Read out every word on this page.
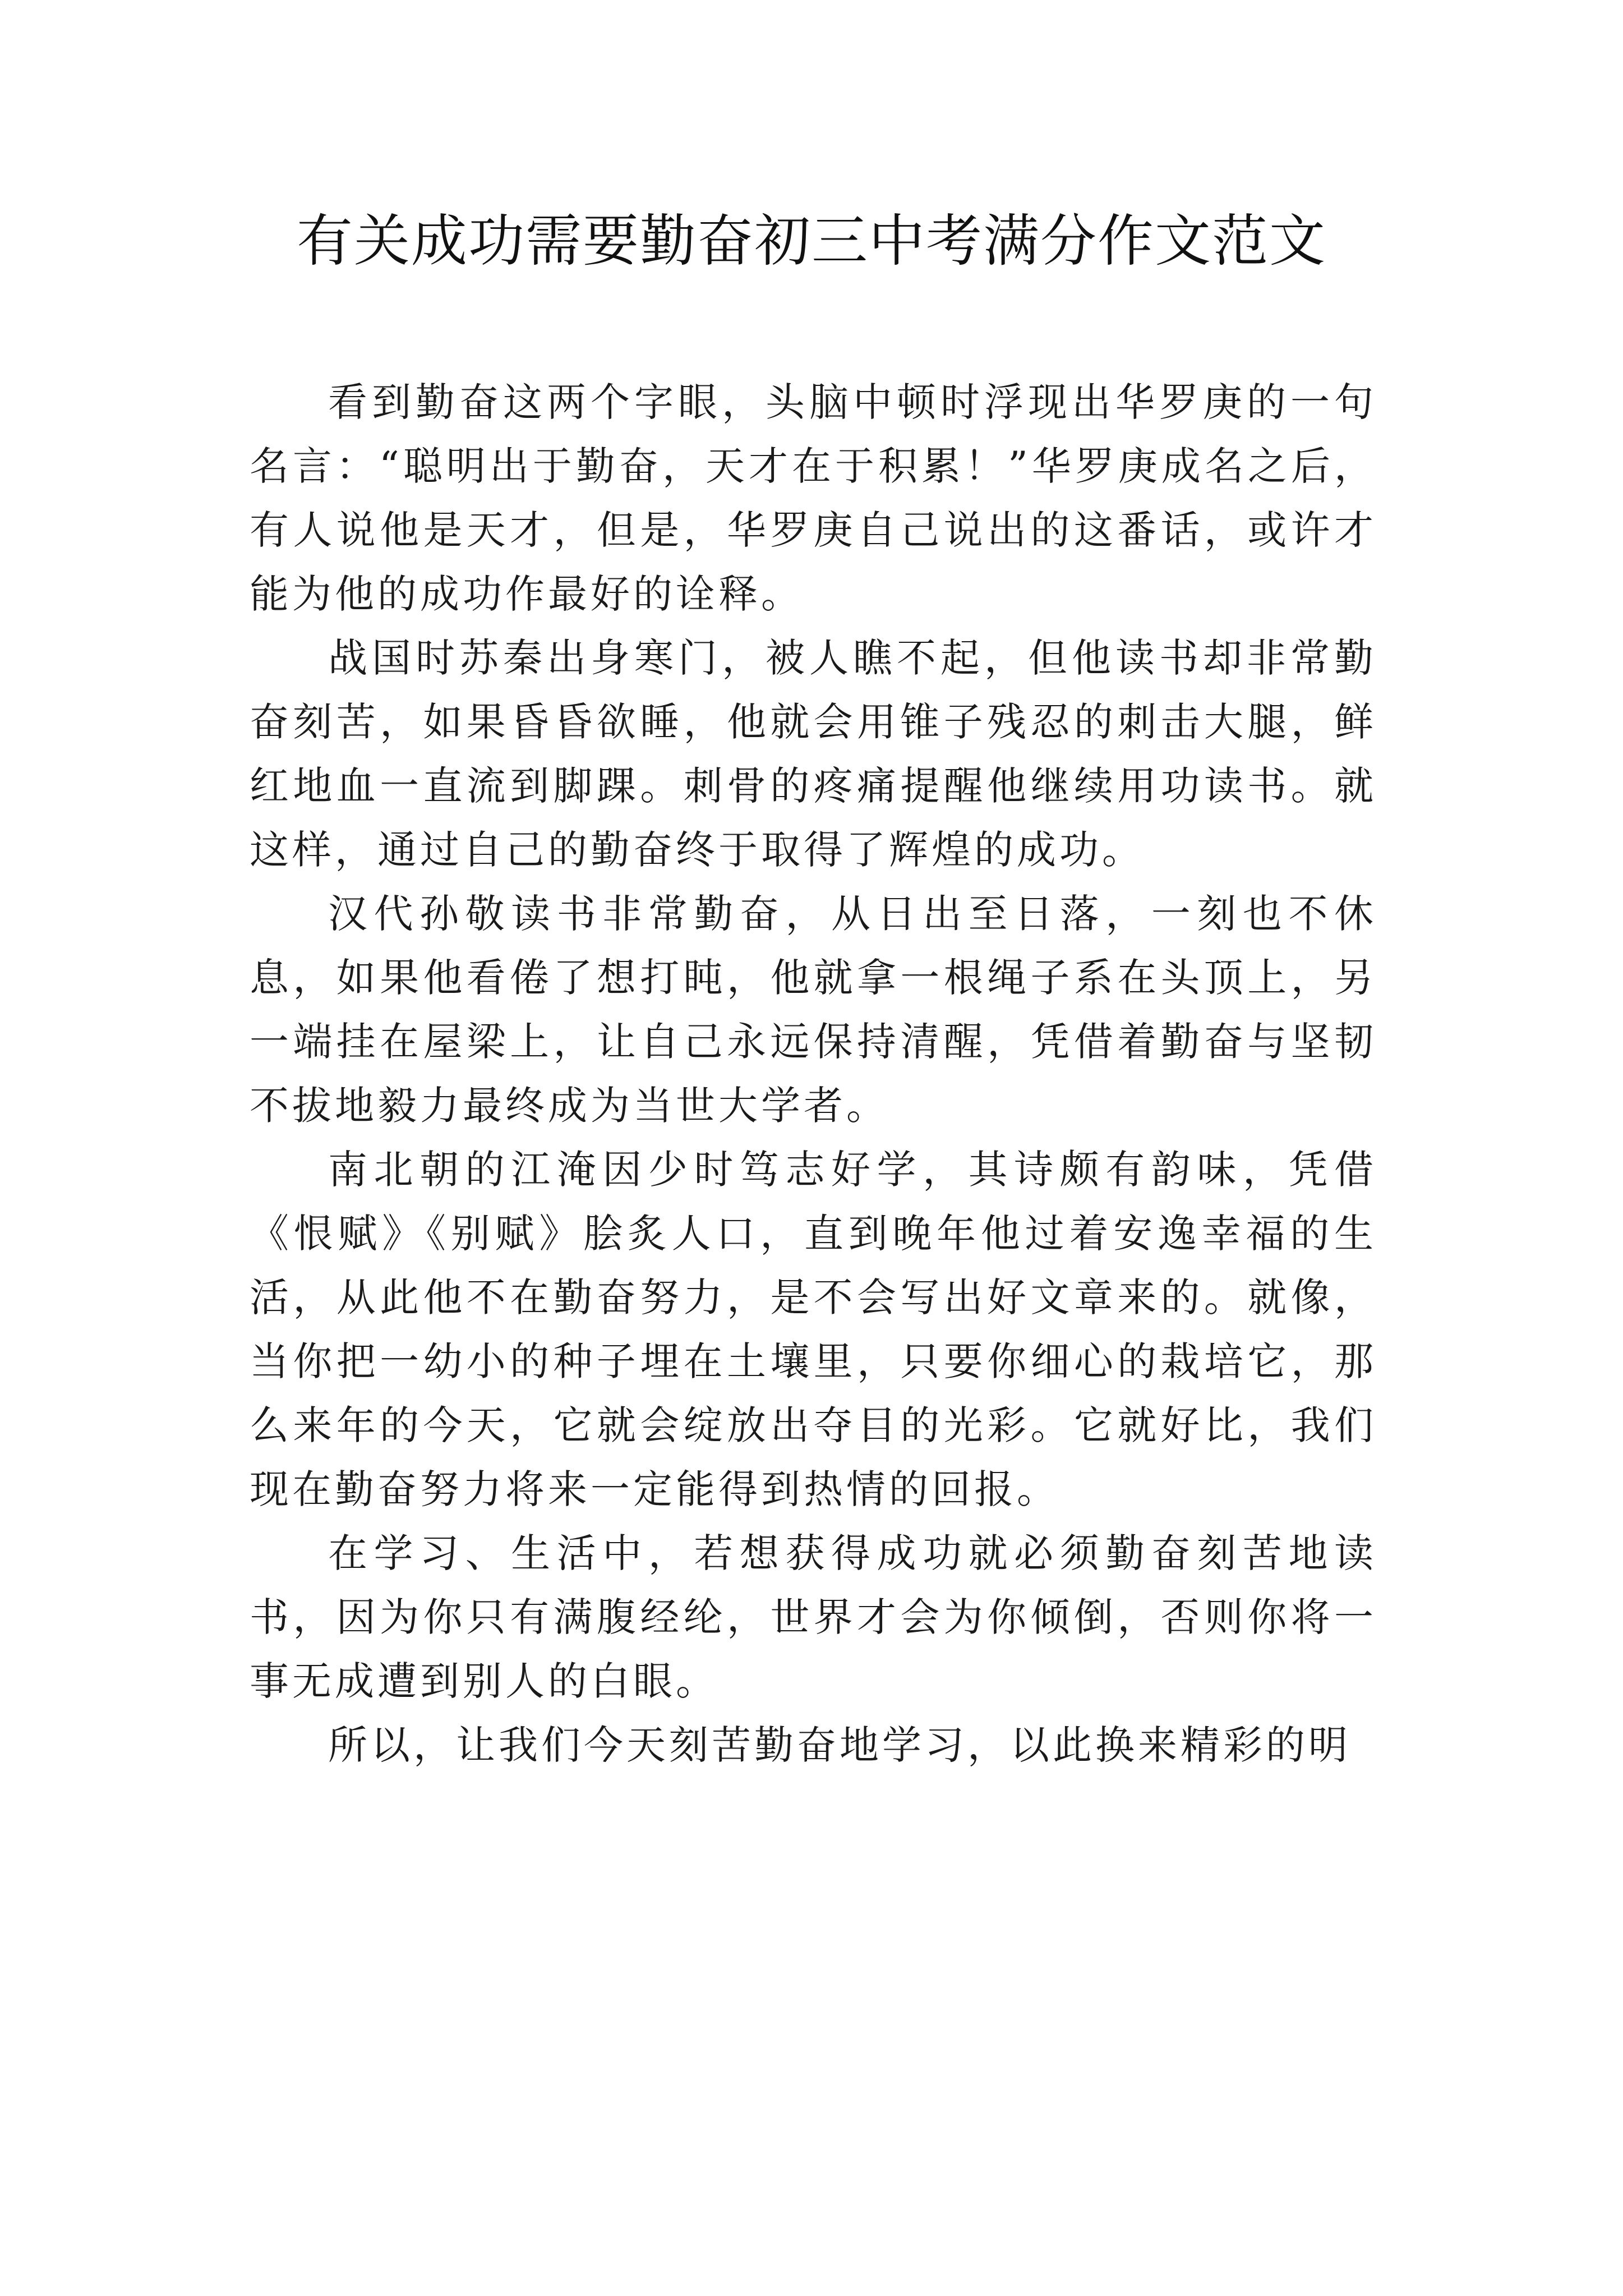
有关成功需要勤奋初三中考满分作文范文

看到勤奋这两个字眼，头脑中顿时浮现出华罗庚的一句名言：“聪明出于勤奋，天才在于积累！”华罗庚成名之后，有人说他是天才，但是，华罗庚自己说出的这番话，或许才能为他的成功作最好的诠释。

战国时苏秦出身寒门，被人瞧不起，但他读书却非常勤奋刻苦，如果昏昏欲睡，他就会用锥子残忍的刺击大腿，鲜红地血一直流到脚踝。刺骨的疼痛提醒他继续用功读书。就这样，通过自己的勤奋终于取得了辉煌的成功。

汉代孙敬读书非常勤奋，从日出至日落，一刻也不休息，如果他看倦了想打盹，他就拿一根绳子系在头顶上，另一端挂在屋梁上，让自己永远保持清醒，凭借着勤奋与坚韧不拔地毅力最终成为当世大学者。

南北朝的江淹因少时笃志好学，其诗颇有韵味，凭借《恨赋》《别赋》脍炙人口，直到晚年他过着安逸幸福的生活，从此他不在勤奋努力，是不会写出好文章来的。就像，当你把一幼小的种子埋在土壤里，只要你细心的栽培它，那么来年的今天，它就会绽放出夺目的光彩。它就好比，我们现在勤奋努力将来一定能得到热情的回报。

在学习、生活中，若想获得成功就必须勤奋刻苦地读书，因为你只有满腹经纶，世界才会为你倾倒，否则你将一事无成遭到别人的白眼。

所以，让我们今天刻苦勤奋地学习，以此换来精彩的明
